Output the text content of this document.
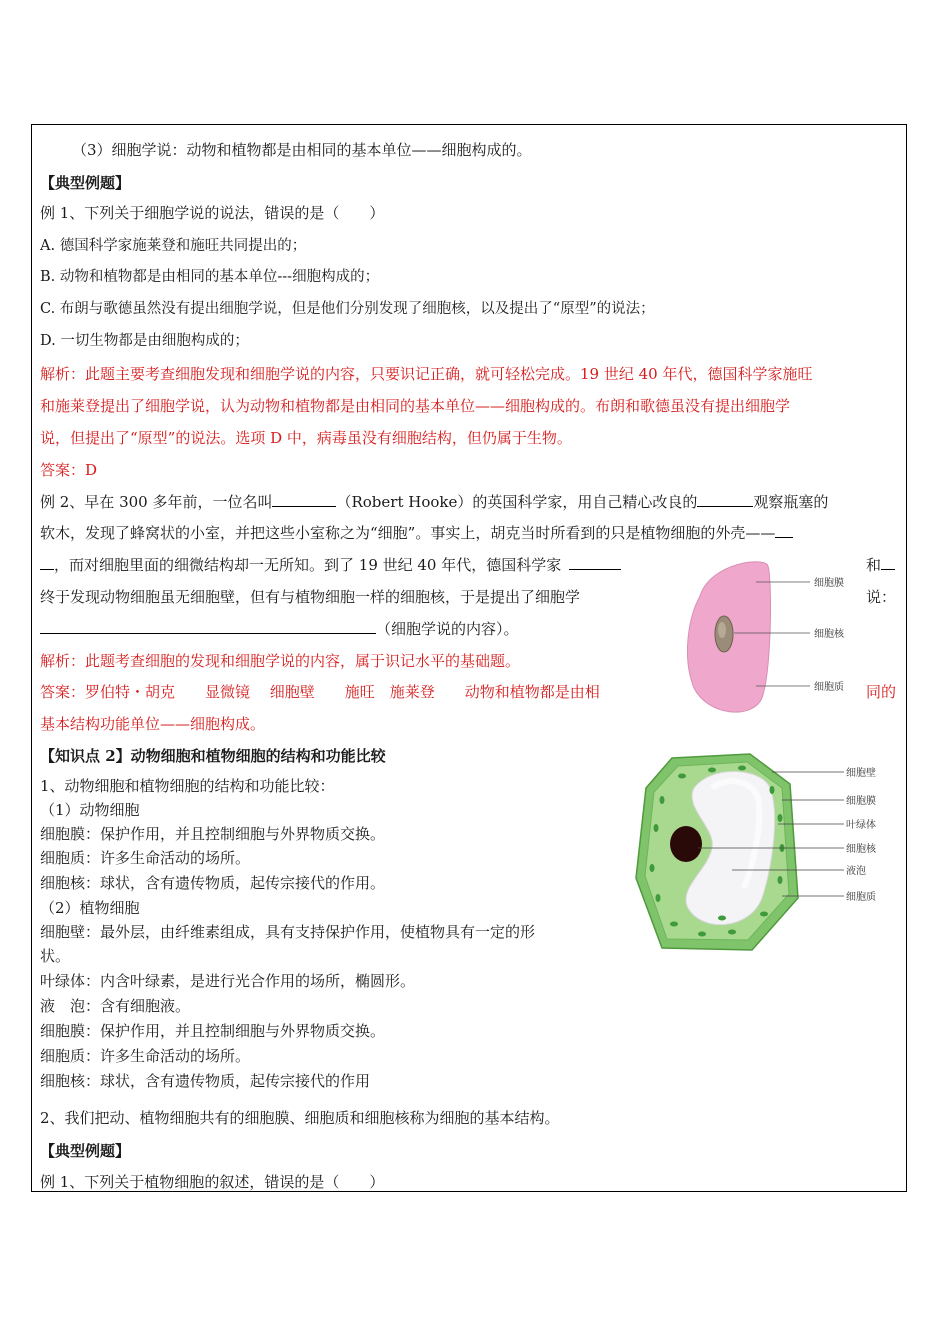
（3）细胞学说：动物和植物都是由相同的基本单位——细胞构成的。
【典型例题】
例 1、下列关于细胞学说的说法，错误的是（　　）
A. 德国科学家施莱登和施旺共同提出的；
B. 动物和植物都是由相同的基本单位---细胞构成的；
C. 布朗与歌德虽然没有提出细胞学说，但是他们分别发现了细胞核，以及提出了“原型”的说法；
D. 一切生物都是由细胞构成的；
解析：此题主要考查细胞发现和细胞学说的内容，只要识记正确，就可轻松完成。19 世纪 40 年代，德国科学家施旺
和施莱登提出了细胞学说，认为动物和植物都是由相同的基本单位——细胞构成的。布朗和歌德虽没有提出细胞学
说，但提出了“原型”的说法。选项 D 中，病毒虽没有细胞结构，但仍属于生物。
答案：D
例 2、早在 300 多年前，一位名叫	（Robert Hooke）的英国科学家，用自己精心改良的	观察瓶塞的
软木，发现了蜂窝状的小室，并把这些小室称之为“细胞”。事实上，胡克当时所看到的只是植物细胞的外壳——
，而对细胞里面的细微结构却一无所知。到了 19 世纪 40 年代，德国科学家	和
终于发现动物细胞虽无细胞壁，但有与植物细胞一样的细胞核，于是提出了细胞学	说：
（细胞学说的内容）。
解析：此题考查细胞的发现和细胞学说的内容，属于识记水平的基础题。
答案：罗伯特・胡克　　显微镜　 细胞壁　　施旺　施莱登　　动物和植物都是由相	同的
基本结构功能单位——细胞构成。
细胞膜
细胞核
细胞质
【知识点 2】动物细胞和植物细胞的结构和功能比较
1、动物细胞和植物细胞的结构和功能比较：
（1）动物细胞
细胞膜：保护作用，并且控制细胞与外界物质交换。
细胞质：许多生命活动的场所。
细胞核：球状，含有遗传物质，起传宗接代的作用。
（2）植物细胞
细胞壁：最外层，由纤维素组成，具有支持保护作用，使植物具有一定的形
状。
叶绿体：内含叶绿素，是进行光合作用的场所，椭圆形。
液　泡：含有细胞液。
细胞膜：保护作用，并且控制细胞与外界物质交换。
细胞质：许多生命活动的场所。
细胞核：球状，含有遗传物质，起传宗接代的作用
2、我们把动、植物细胞共有的细胞膜、细胞质和细胞核称为细胞的基本结构。
【典型例题】
例 1、下列关于植物细胞的叙述，错误的是（　　）
细胞壁
细胞膜
叶绿体
细胞核
液泡
细胞质
